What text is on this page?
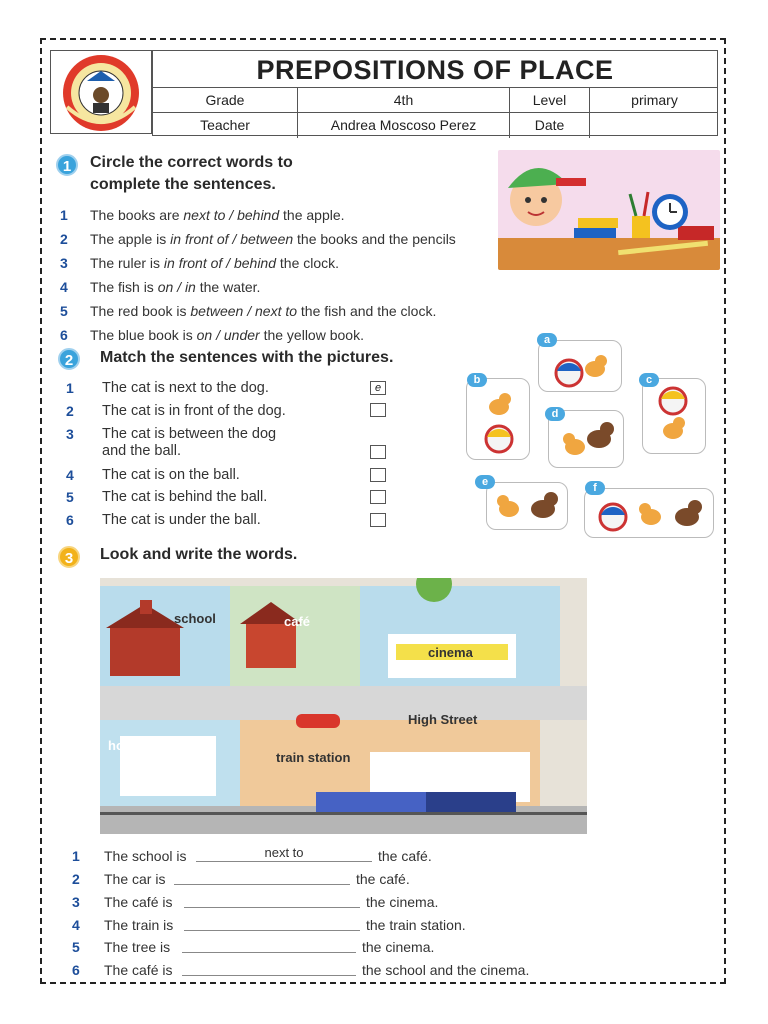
PREPOSITIONS OF PLACE
Grade	4th	Level	primary
Teacher	Andrea Moscoso Perez	Date
1	Circle the correct words to
complete the sentences.
1 The books are next to / behind the apple.
2 The apple is in front of / between the books and the pencils
3 The ruler is in front of / behind the clock.
4 The fish is on / in the water.
5 The red book is between / next to the fish and the clock.
6 The blue book is on / under the yellow book.
2	Match the sentences with the pictures.
1 The cat is next to the dog.	e
2 The cat is in front of the dog.
3 The cat is between the dog
and the ball.
4 The cat is on the ball.
5 The cat is behind the ball.
6 The cat is under the ball.
a
b	c
d
e	f
3	Look and write the words.
school	café
cinema
High Street
hospital
train station
1 The school is	next to	the café.
2 The car is	the café.
3 The café is	the cinema.
4 The train is	the train station.
5 The tree is	the cinema.
6 The café is	the school and the cinema.
